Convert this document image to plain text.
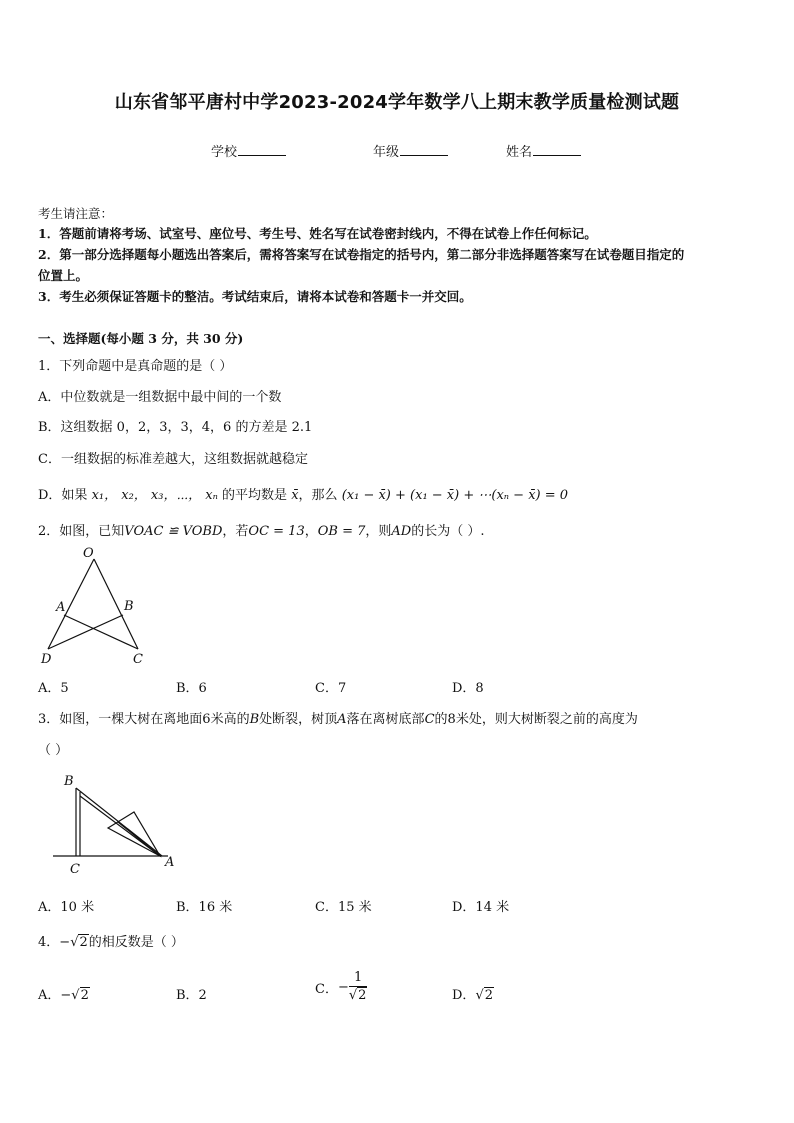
山东省邹平唐村中学2023-2024学年数学八上期末教学质量检测试题
学校	年级	姓名
考生请注意：
1．答题前请将考场、试室号、座位号、考生号、姓名写在试卷密封线内，不得在试卷上作任何标记。
2．第一部分选择题每小题选出答案后，需将答案写在试卷指定的括号内，第二部分非选择题答案写在试卷题目指定的
位置上。
3．考生必须保证答题卡的整洁。考试结束后，请将本试卷和答题卡一并交回。
一、选择题(每小题 3 分，共 30 分)
1．下列命题中是真命题的是（ ）
A．中位数就是一组数据中最中间的一个数
B．这组数据 0，2，3，3，4，6 的方差是 2.1
C．一组数据的标准差越大，这组数据就越稳定
D．如果 x₁， x₂， x₃，⋯， xₙ 的平均数是 x̄，那么 (x₁ − x̄) + (x₁ − x̄) + ⋯(xₙ − x̄) = 0
2．如图，已知VOAC ≌ VOBD，若OC = 13，OB = 7，则AD的长为（ ）.
O
A	B
D	C
A．5	B．6	C．7	D．8
3．如图，一棵大树在离地面6米高的B处断裂，树顶A落在离树底部C的8米处，则大树断裂之前的高度为
（ ）
B
C	A
A．10 米	B．16 米	C．15 米	D．14 米
4．−√2的相反数是（ ）
A．−√2	B．2	C．− $\frac{1}{√2}$	D．√2
